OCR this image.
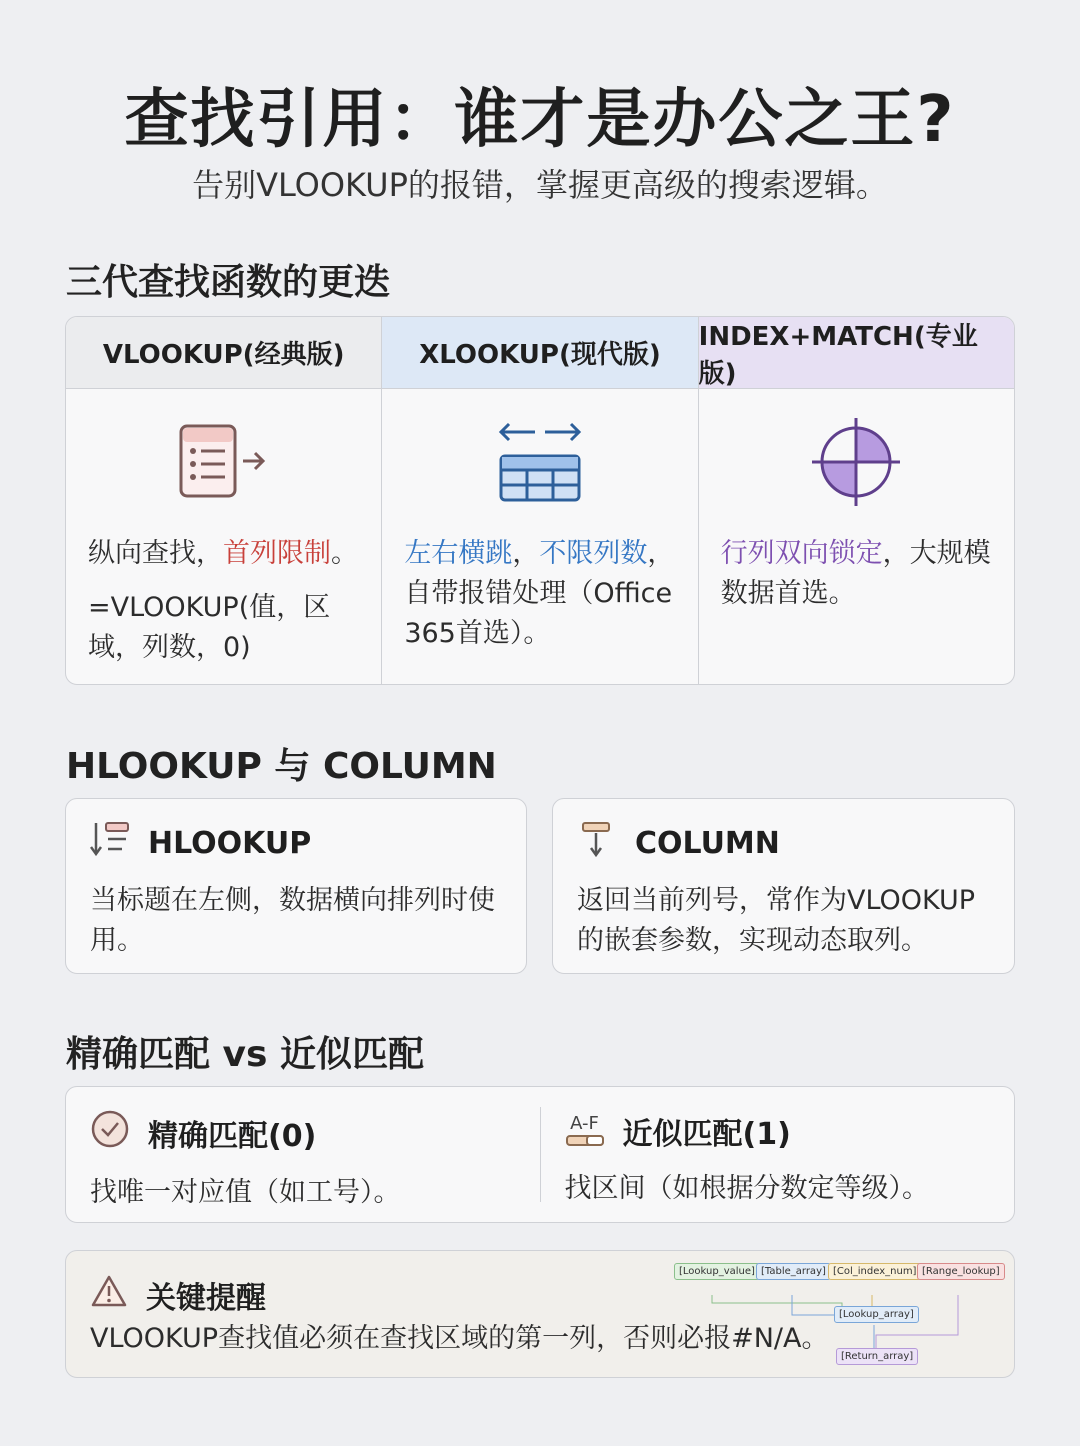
查找引用：谁才是办公之王?
告别VLOOKUP的报错，掌握更高级的搜索逻辑。
三代查找函数的更迭
VLOOKUP(经典版)

纵向查找，首列限制。

=VLOOKUP(值，区域，列数，0)

XLOOKUP(现代版)

左右横跳，不限列数，自带报错处理（Office 365首选）。

INDEX+MATCH(专业版)

行列双向锁定，大规模数据首选。

HLOOKUP 与 COLUMN
HLOOKUP
当标题在左侧，数据横向排列时使用。
COLUMN
返回当前列号，常作为VLOOKUP的嵌套参数，实现动态取列。
精确匹配 vs 近似匹配
精确匹配(0)
找唯一对应值（如工号）。
A-F 近似匹配(1)
找区间（如根据分数定等级）。
关键提醒
VLOOKUP查找值必须在查找区域的第一列，否则必报#N/A。
[Lookup_value] [Table_array] [Col_index_num] [Range_lookup]
[Lookup_array]
[Return_array]
